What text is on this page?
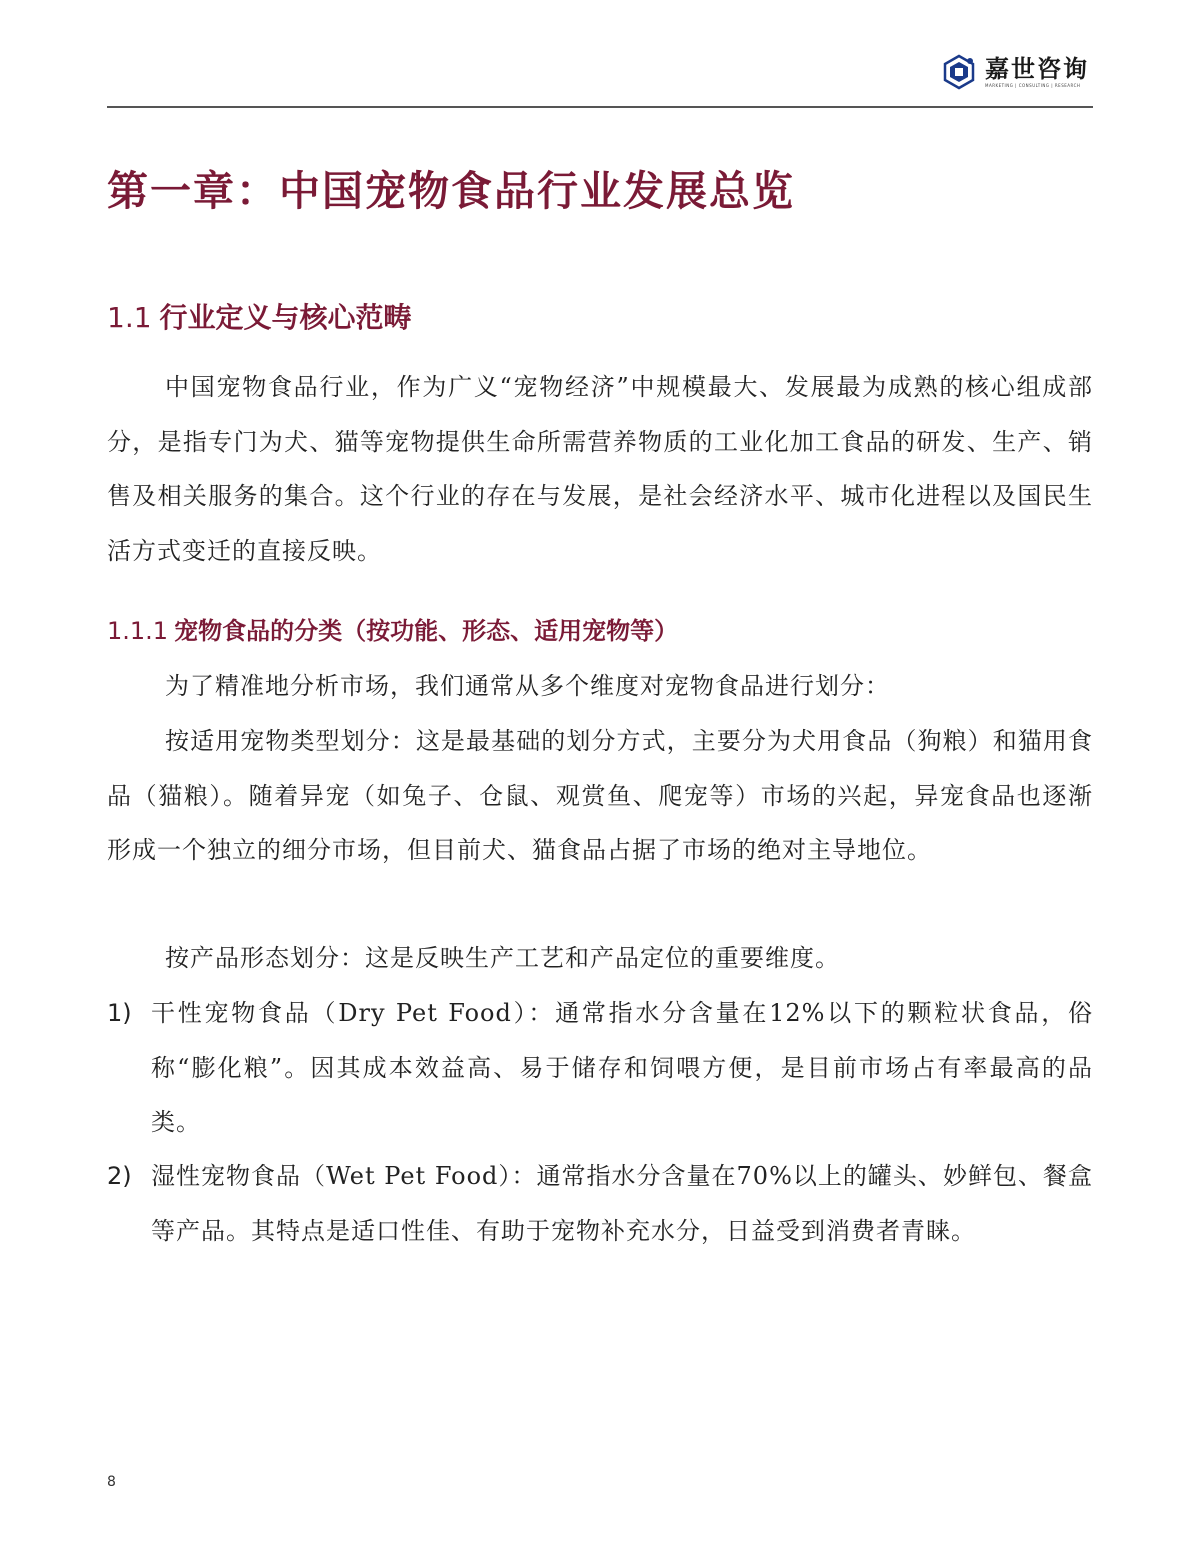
嘉世咨询
MARKETING | CONSULTING | RESEARCH
第一章：中国宠物食品行业发展总览
1.1 行业定义与核心范畴

中国宠物食品行业，作为广义“宠物经济”中规模最大、发展最为成熟的核心组成部分，是指专门为犬、猫等宠物提供生命所需营养物质的工业化加工食品的研发、生产、销售及相关服务的集合。这个行业的存在与发展，是社会经济水平、城市化进程以及国民生活方式变迁的直接反映。

1.1.1 宠物食品的分类（按功能、形态、适用宠物等）

为了精准地分析市场，我们通常从多个维度对宠物食品进行划分：

按适用宠物类型划分：这是最基础的划分方式，主要分为犬用食品（狗粮）和猫用食品（猫粮）。随着异宠（如兔子、仓鼠、观赏鱼、爬宠等）市场的兴起，异宠食品也逐渐形成一个独立的细分市场，但目前犬、猫食品占据了市场的绝对主导地位。

按产品形态划分：这是反映生产工艺和产品定位的重要维度。

1) 干性宠物食品（Dry Pet Food）：通常指水分含量在12%以下的颗粒状食品，俗称“膨化粮”。因其成本效益高、易于储存和饲喂方便，是目前市场占有率最高的品类。
2) 湿性宠物食品（Wet Pet Food）：通常指水分含量在70%以上的罐头、妙鲜包、餐盒等产品。其特点是适口性佳、有助于宠物补充水分，日益受到消费者青睐。
8
